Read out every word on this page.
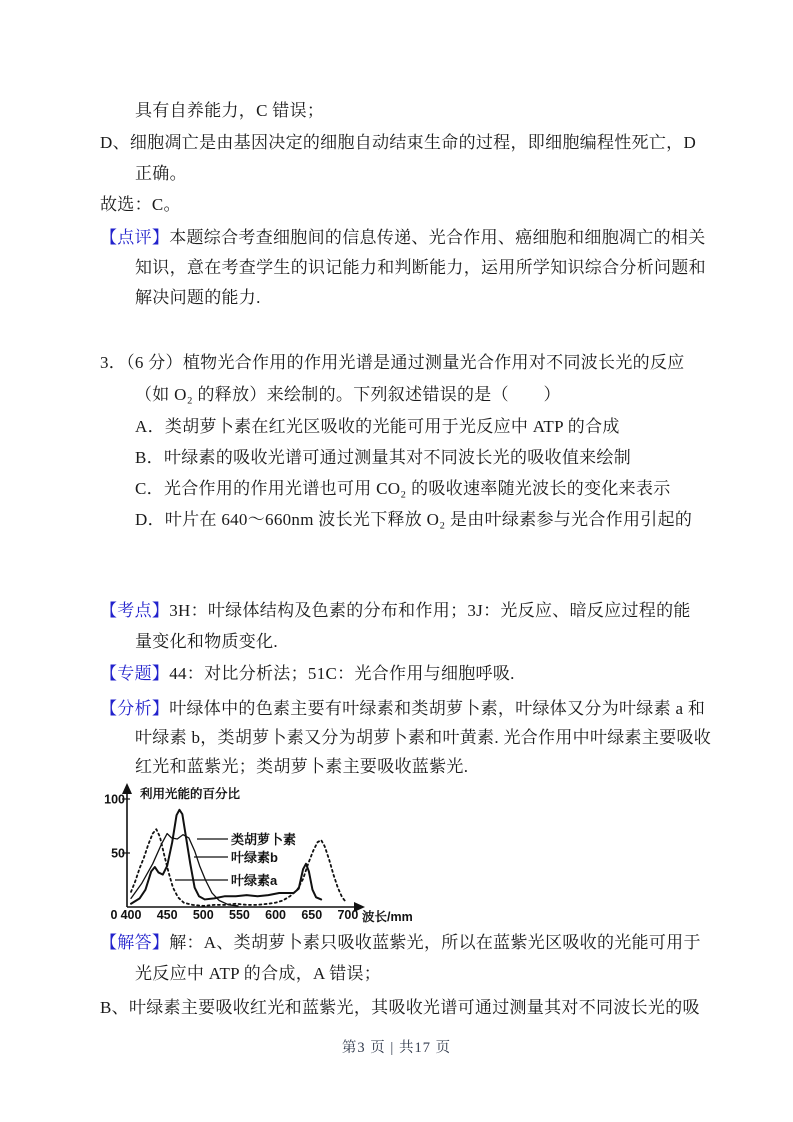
具有自养能力，C 错误；
D、细胞凋亡是由基因决定的细胞自动结束生命的过程，即细胞编程性死亡，D
正确。
故选：C。
【点评】本题综合考查细胞间的信息传递、光合作用、癌细胞和细胞凋亡的相关
知识，意在考查学生的识记能力和判断能力，运用所学知识综合分析问题和
解决问题的能力.
3．（6 分）植物光合作用的作用光谱是通过测量光合作用对不同波长光的反应
（如 O₂ 的释放）来绘制的。下列叙述错误的是（　　）
A．类胡萝卜素在红光区吸收的光能可用于光反应中 ATP 的合成
B．叶绿素的吸收光谱可通过测量其对不同波长光的吸收值来绘制
C．光合作用的作用光谱也可用 CO₂ 的吸收速率随光波长的变化来表示
D．叶片在 640～660nm 波长光下释放 O₂ 是由叶绿素参与光合作用引起的
【考点】3H：叶绿体结构及色素的分布和作用；3J：光反应、暗反应过程的能
量变化和物质变化.
【专题】44：对比分析法；51C：光合作用与细胞呼吸.
【分析】叶绿体中的色素主要有叶绿素和类胡萝卜素，叶绿体又分为叶绿素 a 和
叶绿素 b，类胡萝卜素又分为胡萝卜素和叶黄素. 光合作用中叶绿素主要吸收
红光和蓝紫光；类胡萝卜素主要吸收蓝紫光.
【解答】解：A、类胡萝卜素只吸收蓝紫光，所以在蓝紫光区吸收的光能可用于
光反应中 ATP 的合成，A 错误；
B、叶绿素主要吸收红光和蓝紫光，其吸收光谱可通过测量其对不同波长光的吸
利用光能的百分比
波长/mm
50
100
400 450 500 550 600 650 700
0
类胡萝卜素
叶绿素b
叶绿素a
第3 页 | 共17 页
